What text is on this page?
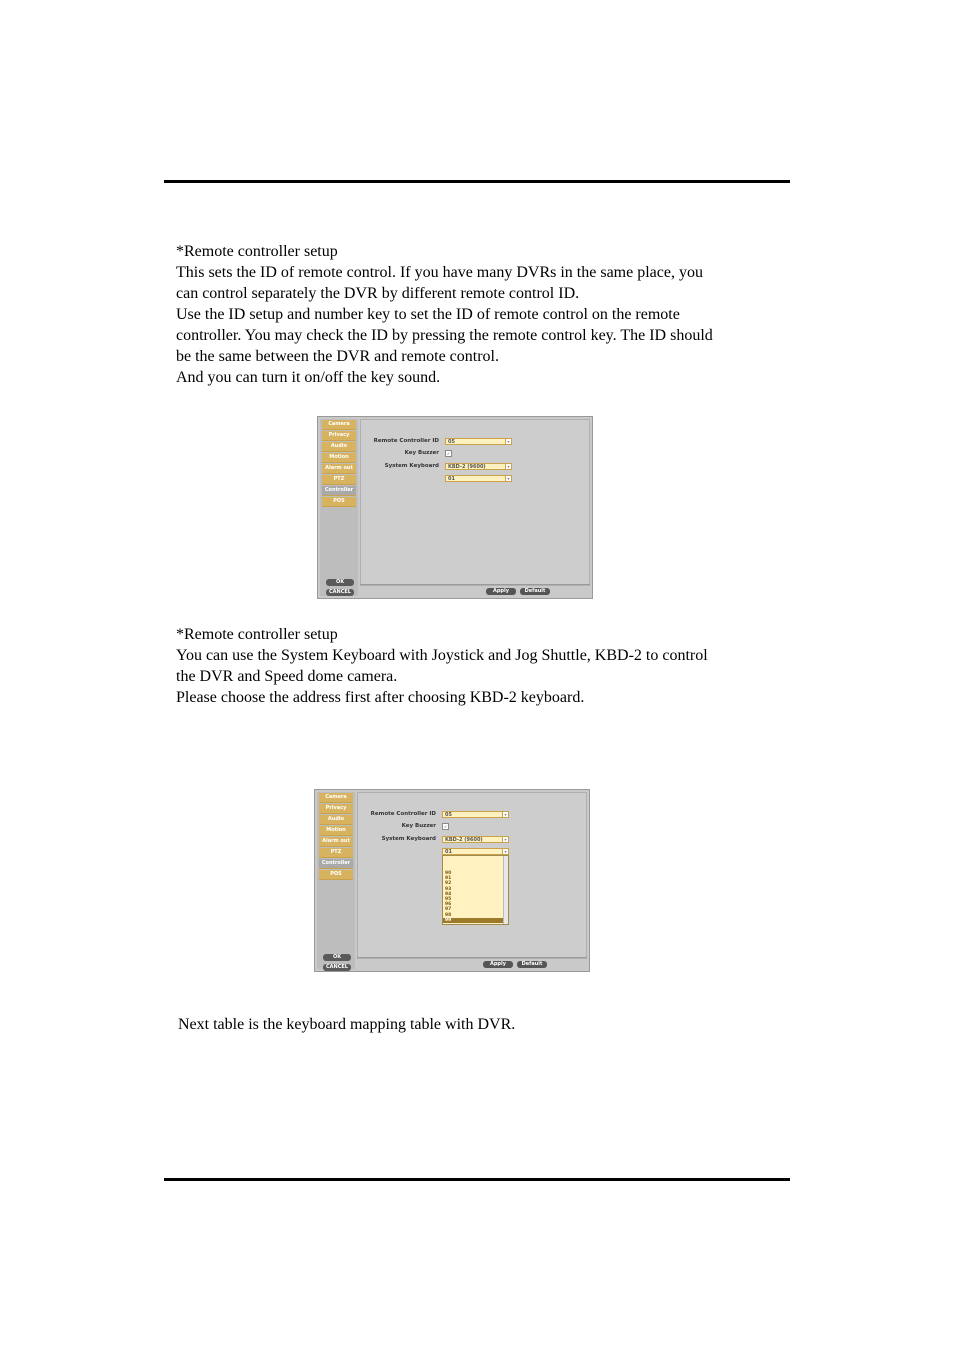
*Remote controller setup
This sets the ID of remote control. If you have many DVRs in the same place, you
can control separately the DVR by different remote control ID.
Use the ID setup and number key to set the ID of remote control on the remote
controller. You may check the ID by pressing the remote control key. The ID should
be the same between the DVR and remote control.
And you can turn it on/off the key sound.
Camera
Privacy
Audio
Motion
Alarm out
PTZ
Controller
POS
OK
CANCEL
Remote Controller ID	05	▾
Key Buzzer	✓
System Keyboard	KBD-2 (9600)	▾
01	▾
Apply	Default
*Remote controller setup
You can use the System Keyboard with Joystick and Jog Shuttle, KBD-2 to control
the DVR and Speed dome camera.
Please choose the address first after choosing KBD-2 keyboard.
Camera
Privacy
Audio
Motion
Alarm out
PTZ
Controller
POS
OK
CANCEL
Remote Controller ID	05	▾
Key Buzzer	✓
System Keyboard	KBD-2 (9600)	▾
01	▾
90
91
92
93
94
95
96
97
98
99
Apply	Default
Next table is the keyboard mapping table with DVR.
